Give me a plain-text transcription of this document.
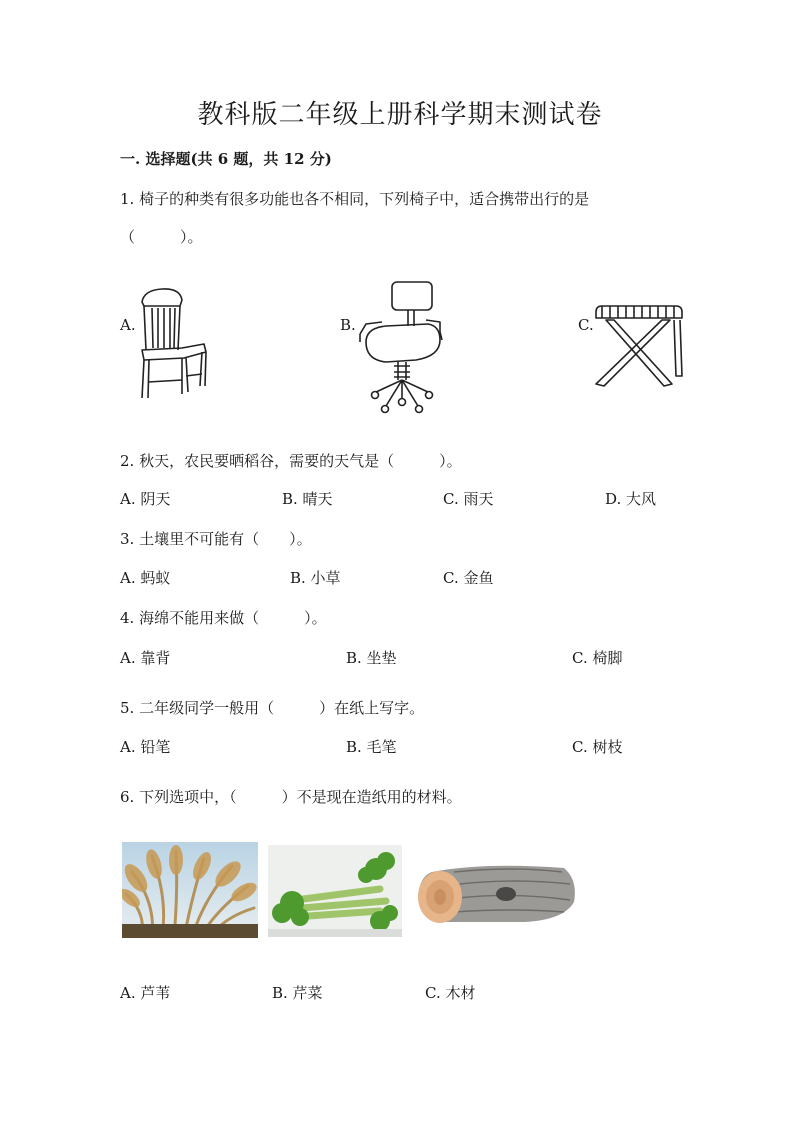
教科版二年级上册科学期末测试卷
一. 选择题(共 6 题，共 12 分)
1. 椅子的种类有很多功能也各不相同，下列椅子中，适合携带出行的是
（　　　）。
A.	B.	C.
2. 秋天，农民要晒稻谷，需要的天气是（　　　）。
A. 阴天	B. 晴天	C. 雨天	D. 大风
3. 土壤里不可能有（　　）。
A. 蚂蚁	B. 小草	C. 金鱼
4. 海绵不能用来做（　　　）。
A. 靠背	B. 坐垫	C. 椅脚
5. 二年级同学一般用（　　　）在纸上写字。
A. 铅笔	B. 毛笔	C. 树枝
6. 下列选项中，（　　　）不是现在造纸用的材料。
A. 芦苇	B. 芹菜	C. 木材
